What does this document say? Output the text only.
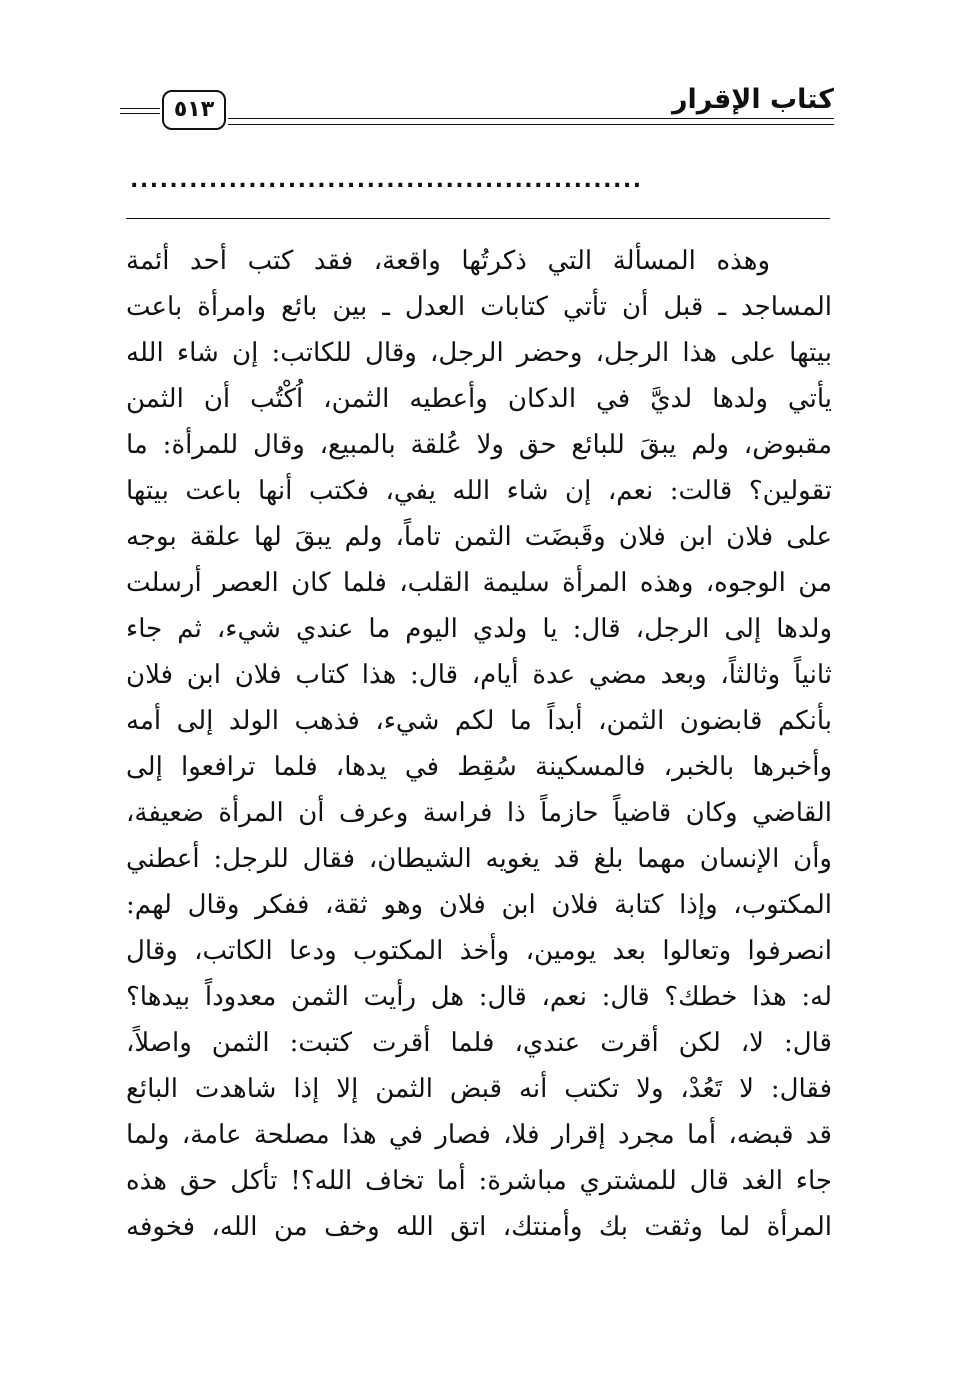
٥١٣	كتاب الإقرار
....................................................
وهذه المسألة التي ذكرتُها واقعة، فقد كتب أحد أئمة
المساجد ـ قبل أن تأتي كتابات العدل ـ بين بائع وامرأة باعت
بيتها على هذا الرجل، وحضر الرجل، وقال للكاتب: إن شاء الله
يأتي ولدها لديَّ في الدكان وأعطيه الثمن، اُكْتُب أن الثمن
مقبوض، ولم يبقَ للبائع حق ولا عُلقة بالمبيع، وقال للمرأة: ما
تقولين؟ قالت: نعم، إن شاء الله يفي، فكتب أنها باعت بيتها
على فلان ابن فلان وقَبضَت الثمن تاماً، ولم يبقَ لها علقة بوجه
من الوجوه، وهذه المرأة سليمة القلب، فلما كان العصر أرسلت
ولدها إلى الرجل، قال: يا ولدي اليوم ما عندي شيء، ثم جاء
ثانياً وثالثاً، وبعد مضي عدة أيام، قال: هذا كتاب فلان ابن فلان
بأنكم قابضون الثمن، أبداً ما لكم شيء، فذهب الولد إلى أمه
وأخبرها بالخبر، فالمسكينة سُقِط في يدها، فلما ترافعوا إلى
القاضي وكان قاضياً حازماً ذا فراسة وعرف أن المرأة ضعيفة،
وأن الإنسان مهما بلغ قد يغويه الشيطان، فقال للرجل: أعطني
المكتوب، وإذا كتابة فلان ابن فلان وهو ثقة، ففكر وقال لهم:
انصرفوا وتعالوا بعد يومين، وأخذ المكتوب ودعا الكاتب، وقال
له: هذا خطك؟ قال: نعم، قال: هل رأيت الثمن معدوداً بيدها؟
قال: لا، لكن أقرت عندي، فلما أقرت كتبت: الثمن واصلاً،
فقال: لا تَعُدْ، ولا تكتب أنه قبض الثمن إلا إذا شاهدت البائع
قد قبضه، أما مجرد إقرار فلا، فصار في هذا مصلحة عامة، ولما
جاء الغد قال للمشتري مباشرة: أما تخاف الله؟! تأكل حق هذه
المرأة لما وثقت بك وأمنتك، اتق الله وخف من الله، فخوفه
